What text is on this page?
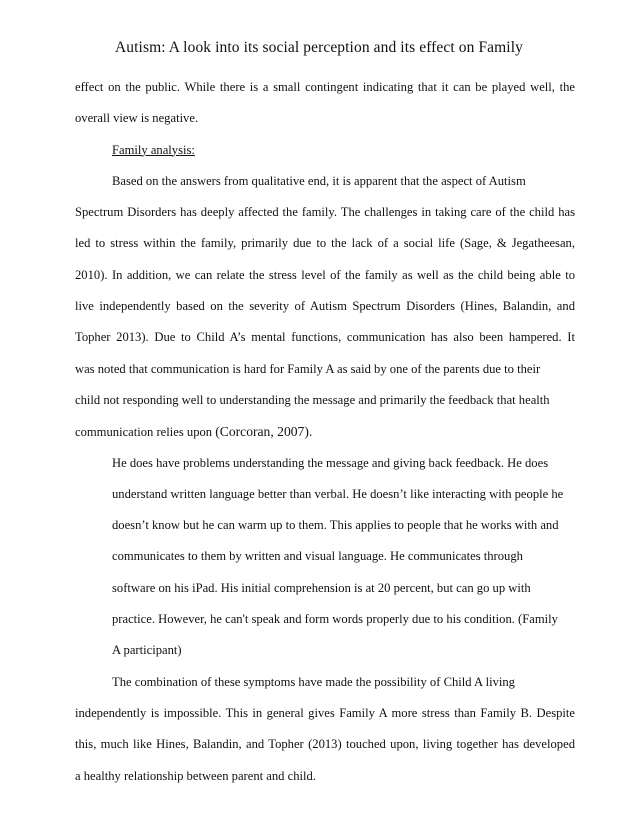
Autism: A look into its social perception and its effect on Family
effect on the public. While there is a small contingent indicating that it can be played well, the
overall view is negative.
Family analysis:
Based on the answers from qualitative end, it is apparent that the aspect of Autism
Spectrum Disorders has deeply affected the family. The challenges in taking care of the child has
led to stress within the family, primarily due to the lack of a social life (Sage, & Jegatheesan,
2010). In addition, we can relate the stress level of the family as well as the child being able to
live independently based on the severity of Autism Spectrum Disorders (Hines, Balandin, and
Topher 2013). Due to Child A’s mental functions, communication has also been hampered. It
was noted that communication is hard for Family A as said by one of the parents due to their
child not responding well to understanding the message and primarily the feedback that health
communication relies upon (Corcoran, 2007).
He does have problems understanding the message and giving back feedback. He does
understand written language better than verbal. He doesn’t like interacting with people he
doesn’t know but he can warm up to them. This applies to people that he works with and
communicates to them by written and visual language. He communicates through
software on his iPad. His initial comprehension is at 20 percent, but can go up with
practice. However, he can't speak and form words properly due to his condition. (Family
A participant)
The combination of these symptoms have made the possibility of Child A living
independently is impossible. This in general gives Family A more stress than Family B. Despite
this, much like Hines, Balandin, and Topher (2013) touched upon, living together has developed
a healthy relationship between parent and child.
